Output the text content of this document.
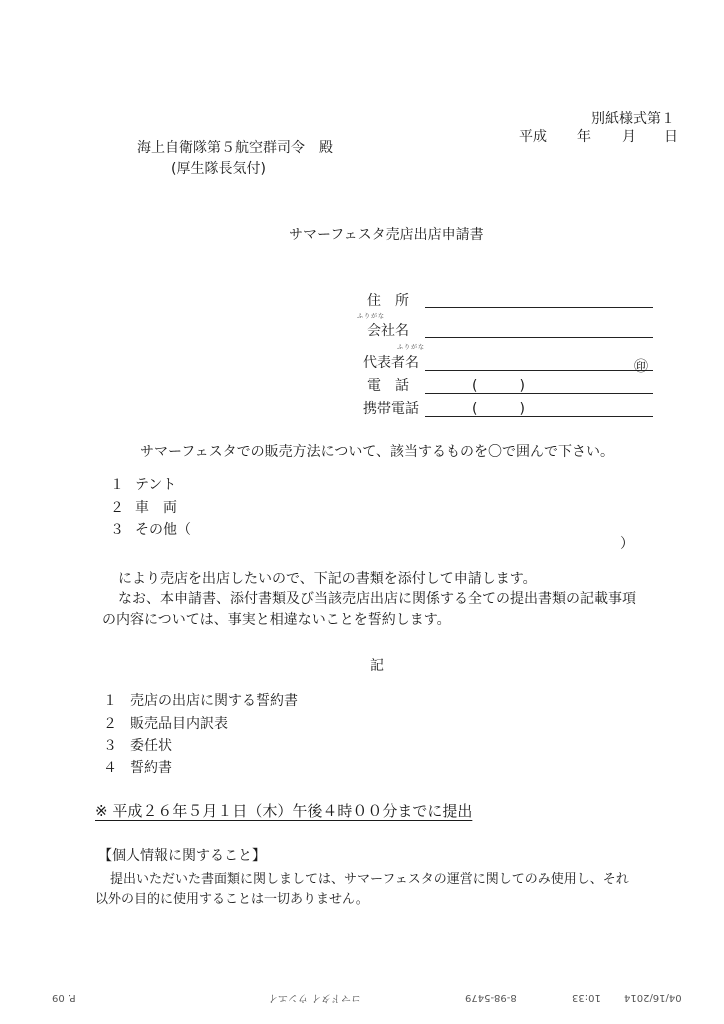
別紙様式第１
平成 年 月 日
海上自衛隊第５航空群司令　殿
(厚生隊長気付)
サマーフェスタ売店出店申請書
住　所
ふりがな
会社名
ふりがな
代表者名	㊞
電　話	(　　　)
携帯電話	(　　　)
サマーフェスタでの販売方法について、該当するものを〇で囲んで下さい。
１ テント
２ 車　両
３ その他（
）
により売店を出店したいので、下記の書類を添付して申請します。
なお、本申請書、添付書類及び当該売店出店に関係する全ての提出書類の記載事項
の内容については、事実と相違ないことを誓約します。
記
１ 売店の出店に関する誓約書
２ 販売品目内訳表
３ 委任状
４ 誓約書
※ 平成２６年５月１日（木）午後４時００分までに提出
【個人情報に関すること】
提出いただいた書面類に関しましては、サマーフェスタの運営に関してのみ使用し、それ
以外の目的に使用することは一切ありません。
P. 09	コマドタイ ウンエイ	8-98-5479	10:33 04/16/2014
